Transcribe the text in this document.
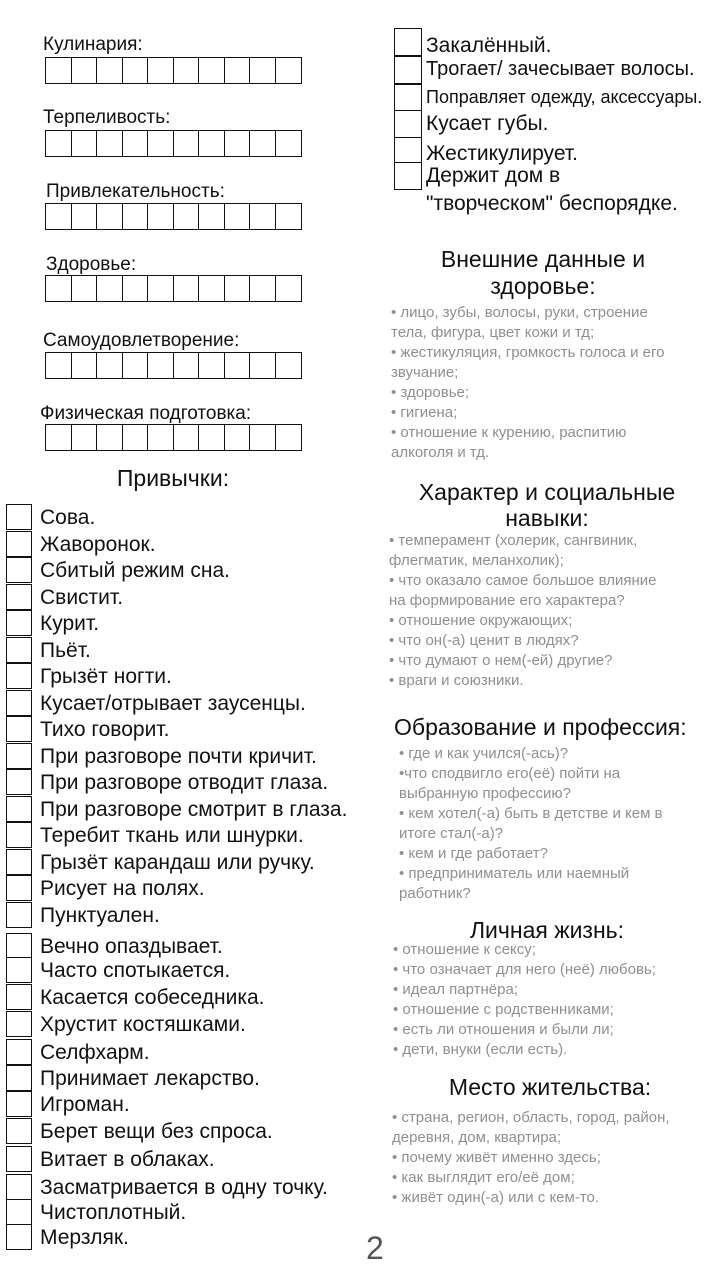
Кулинария:
Терпеливость:
Привлекательность:
Здоровье:
Самоудовлетворение:
Физическая подготовка:
Привычки:
Сова.
Жаворонок.
Сбитый режим сна.
Свистит.
Курит.
Пьёт.
Грызёт ногти.
Кусает/отрывает заусенцы.
Тихо говорит.
При разговоре почти кричит.
При разговоре отводит глаза.
При разговоре смотрит в глаза.
Теребит ткань или шнурки.
Грызёт карандаш или ручку.
Рисует на полях.
Пунктуален.
Вечно опаздывает.
Часто спотыкается.
Касается собеседника.
Хрустит костяшками.
Селфхарм.
Принимает лекарство.
Игроман.
Берет вещи без спроса.
Витает в облаках.
Засматривается в одну точку.
Чистоплотный.
Мерзляк.
Закалённый.
Трогает/ зачесывает волосы.
Поправляет одежду, аксессуары.
Кусает губы.
Жестикулирует.
Держит дом в
"творческом" беспорядке.
Внешние данные и
здоровье:
• лицо, зубы, волосы, руки, строение
тела, фигура, цвет кожи и тд;
• жестикуляция, громкость голоса и его
звучание;
• здоровье;
• гигиена;
• отношение к курению, распитию
алкоголя и тд.
Характер и социальные
навыки:
• темперамент (холерик, сангвиник,
флегматик, меланхолик);
• что оказало самое большое влияние
на формирование его характера?
• отношение окружающих;
• что он(-а) ценит в людях?
• что думают о нем(-ей) другие?
• враги и союзники.
Образование и профессия:
• где и как учился(-ась)?
•что сподвигло его(её) пойти на
выбранную профессию?
• кем хотел(-а) быть в детстве и кем в
итоге стал(-а)?
• кем и где работает?
• предприниматель или наемный
работник?
Личная жизнь:
• отношение к сексу;
• что означает для него (неё) любовь;
• идеал партнёра;
• отношение с родственниками;
• есть ли отношения и были ли;
• дети, внуки (если есть).
Место жительства:
• страна, регион, область, город, район,
деревня, дом, квартира;
• почему живёт именно здесь;
• как выглядит его/её дом;
• живёт один(-а) или с кем-то.
2
